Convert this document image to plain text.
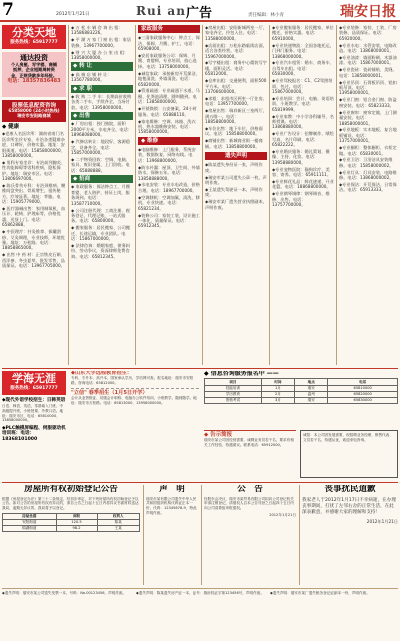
7	2012年1月21日	Rui an 广告	责任编辑：林小青	瑞安日报
分类天地
服务热线：65917777
通达投资
个人房屋、写字楼、商铺
抵押，企业短期周转资
金，正规贷款多年经验。
电话：18357836483
股票低息配资咨询
65858000 (24小时热线)
瑞安市安阳路商城
◆ 健康
◆老康人名医诊所：湖南省南门名医诊所坐诊专家，专治各类疑难杂症，口碑好，价格实惠。地址：安阳街道。电话：15858000000、13858000000。
◆ 男科专家坐诊：专治前列腺炎、性功能障碍等男科疾病，隐私保护。地址：瑞安市区。电话：13806697000。
◆ 陈氏骨伤专科：专治颈椎病、腰椎间盘突出、骨质增生，祖传秘方，疗效显著。地址：莘塍。电话：15905779000。
◆ 医疗器械出售：家用制氧机、血压计、轮椅、护理床等，价格优惠，送货上门。电话：65862888。
◆ 中医理疗：针灸推拿、拔罐刮痧、艾灸调理，专业技师，环境优雅。地址：万松路。电话：18858865000。
◆ 出售 中 药 材：正宗铁皮石斛、西洋参、冬虫夏草，批发零售，品质保证。电话：13967705000。
◆ 万 松 车 辆 咨 询 出 租：13586883226。
◆ 平 湖 万 家 门 窗 出 租：家居装修，13967700000。
◆ 财 兴 大 厦 办 公 室 出 租：13858000000。
◆ 转 让
◆ 高 端 店 铺 转 让：13567780000。
◆ 求 职
◆ 收 购 二 手 车：长期高价收购各类二手车，手续齐全，当场付款。电话：13958000000。
◆ 出售
◆ 厂房出租：独门独院，面积2000平方米，水电齐全。电话：18968088000。
◆ 汽修店转让：地段好，客源稳定，设备齐全。电话：15857000000。
◆ 二手物资回收：空调、电脑、家具、废旧金属，上门回收。电话：65888888。
◆ 招商
◆ 家政服务：保洁钟点工、月嫂育婴、老人陪护，持证上岗，服务周到。电话：13587710000。
◆ 公司注册代理：工商注册、税务登记、代理记账，一站式服务。电话：65800000。
◆ 搬家服务：居民搬家、公司搬迁、长途运输，专业团队。电话：15867000000。
◆ 法律咨询：婚姻家庭、债务纠纷、劳动争议，资深律师免费咨询。电话：65812345。
家政服务
◆三清家政服务中心：钟点工、保洁、保姆、月嫂、护工，电话：65908000。
◆安居家政服务公司：保姆、月嫂、育婴师，专业培训，放心选择。电话：13758000000。
◆诚信家政：承接新房开荒保洁、地毯清洗、外墙清洗。电话：65820000。
◆管道疏通：专业疏通下水道、马桶、化粪池清理，随叫随到。电话：13858000000。
◆开锁换锁：公安备案，24小时服务。电话：65888110。
◆家电维修：空调、冰箱、洗衣机、热水器维修安装。电话：15858000000。
◆ 维修
◆电脑维修：上门服务，系统安装，数据恢复，网络布线。电话：13968800000。
◆防水补漏：屋顶、卫生间、外墙防水，保修五年。电话：13858888000。
◆水电安装：专业水电改造，价格合理。电话：18967700000。
◆空调移机：空调加氟、清洗、移机，专业快速。电话：65821234。
◆装修公司：家装工装，设计施工一体化，质量保证。电话：65912345。
◆房屋出租：安阳新城两室一厅，家电齐全，拎包入住。电话：13588000000。
◆店面出租：万松东路临街店面，适合各类经营。电话：15967000000。
◆写字楼出租：商务中心精装写字楼，面积灵活。电话：65812000。
◆仓库出租：交通便利，面积500平方米。电话：13706600000。
◆求租：求租市区两室一厅住房。电话：13957700000。
◆房屋出售：瑞祥新区三室两厅，满五唯一。电话：18858800000。
◆车位出售：地下车位，价格面议。电话：15858800000。
◆商铺出售：新城商业街一楼商铺。电话：13858800000。
遗失声明
◆陈某遗失身份证一张，声明作废。
◆瑞安市某公司遗失公章一枚，声明作废。
◆王某遗失驾驶证一本，声明作废。
◆瑞安市某厂遗失营业执照副本，声明作废。
◆专业搬家服务：居民搬家、单位搬迁，价格实惠。电话：65910000。
◆专业快递物流：全国各地托运，门到门服务。电话：13868000000。
◆专业汽车租赁：婚车、商务车、自驾车出租。电话：65830000。
◆专业驾校报名：C1、C2驾照培训，包过。电话：15867000000。
◆专业培训：会计、电脑、英语培训，小班教学。电话：65819999。
◆专业家教：中小学各科辅导，名师授课。电话：13868880000。
◆专业广告设计：招牌制作、喷绘写真、名片印刷。电话：65822222。
◆专业婚庆服务：婚礼策划、摄像、主持、化妆。电话：13958880000。
◆专业宠物医院：猫狗诊疗、美容、寄养。电话：65911111。
◆专业鲜花礼品：鲜花速递、开业花篮。电话：18868800000。
◆专业钢琴调律：钢琴调音、维修、出售。电话：13757700000。
◆专业装修：家装、工装、厂房装修，品质保证。电话：65920000。
◆专业水电：水管安装、电路改造。电话：13868000001。
◆专业油漆：墙面粉刷、木器油漆。电话：15867000001。
◆专业瓷砖：瓷砖铺贴、美缝。电话：13858000001。
◆专业吊顶：石膏板吊顶、铝扣板吊顶。电话：13958000001。
◆专业门窗：铝合金门窗、防盗窗安装。电话：65823333。
◆专业窗帘：窗帘定做、上门测量安装。电话：18858000001。
◆专业地板：实木地板、复合地板铺设。电话：13757000001。
◆专业橱柜：整体橱柜、衣柜定做。电话：65830001。
◆专业卫浴：卫浴洁具安装维修。电话：15858000002。
◆专业灯具：灯具安装、电路维修。电话：13868000002。
◆专业保洁：开荒保洁、日常保洁。电话：65913333。
学海无涯
服务热线：65917777
◆现代外语学校招生：日韩英语
日语、韩语、英语，零基础入门班、中高级提升班，小班授课，外教口语。地址：瑞安市区，电话：65810000、13858000000。
◆PLC触摸屏编程、伺服驱动机培训班：电话：18368101000
◆山东大学远程教育招生：
专科、专升本、高升本，国家承认学历，学信网可查。报名地址：瑞安市安阳路。咨询电话：65812000。
"立信" 春季招生（1月5日开学）
会计从业资格证、初级会计职称、电脑办公软件培训，小班教学，随到随学。地址：瑞安市万松路。电话：65813000、13958000000。
◆ 信息咨询服务报名中 ——
项目	时间	地点	电话
技能培训	1月	瑞安	65810000
学历教育	2月	温州	65820000
资格考试	3月	瑞安	65830000
◆ 告示简报
瑞安市某公司因经营需要，诚聘业务员若干名，要求有相关工作经验，待遇面议。联系电话：65912000。
诚招：本公司因发展需要，现招聘业务经理、销售代表、文员若干名，待遇从优，欢迎来电咨询。
房屋所有权初始登记公告
根据《房屋登记办法》第三十二条规定，经初步审定，对下列房屋所有权初始登记予以公告。如对公告的房屋所有权有异议的，请自公告之日起十五日内将异议书面材料送达我局，逾期无异议的，我局将予以登记。
房屋坐落	面积	权利人
安阳街道	120.5	陈某
锦湖街道	98.2	王某
声　明
瑞安市某有限公司遗失中华人民共和国组织机构代码证正本一份，代码：12345678-9，特此声明作废。
公　告
经股东会决议，瑞安市某贸易有限公司拟向公司登记机关申请注销登记，请债权人自本公告刊登之日起四十五日内向公司清算组申报债权。
2012年1月21日
丧事扰民道歉
我家老人于2012年1月17日不幸病逝，在办理丧事期间，打扰了左邻右舍的正常生活，在此深表歉意，并感谢大家的理解和支持！
2012年1月21日
◆遗失声明：瑞安市某公司遗失发票一本，号码：No.00123456，声明作废。	◆遗失声明：陈某遗失房产证一本，证号：瑞房权证字第123456号，声明作废。 ◆遗失声明：瑞安市某厂遗失税务登记证副本一份，声明作废。
